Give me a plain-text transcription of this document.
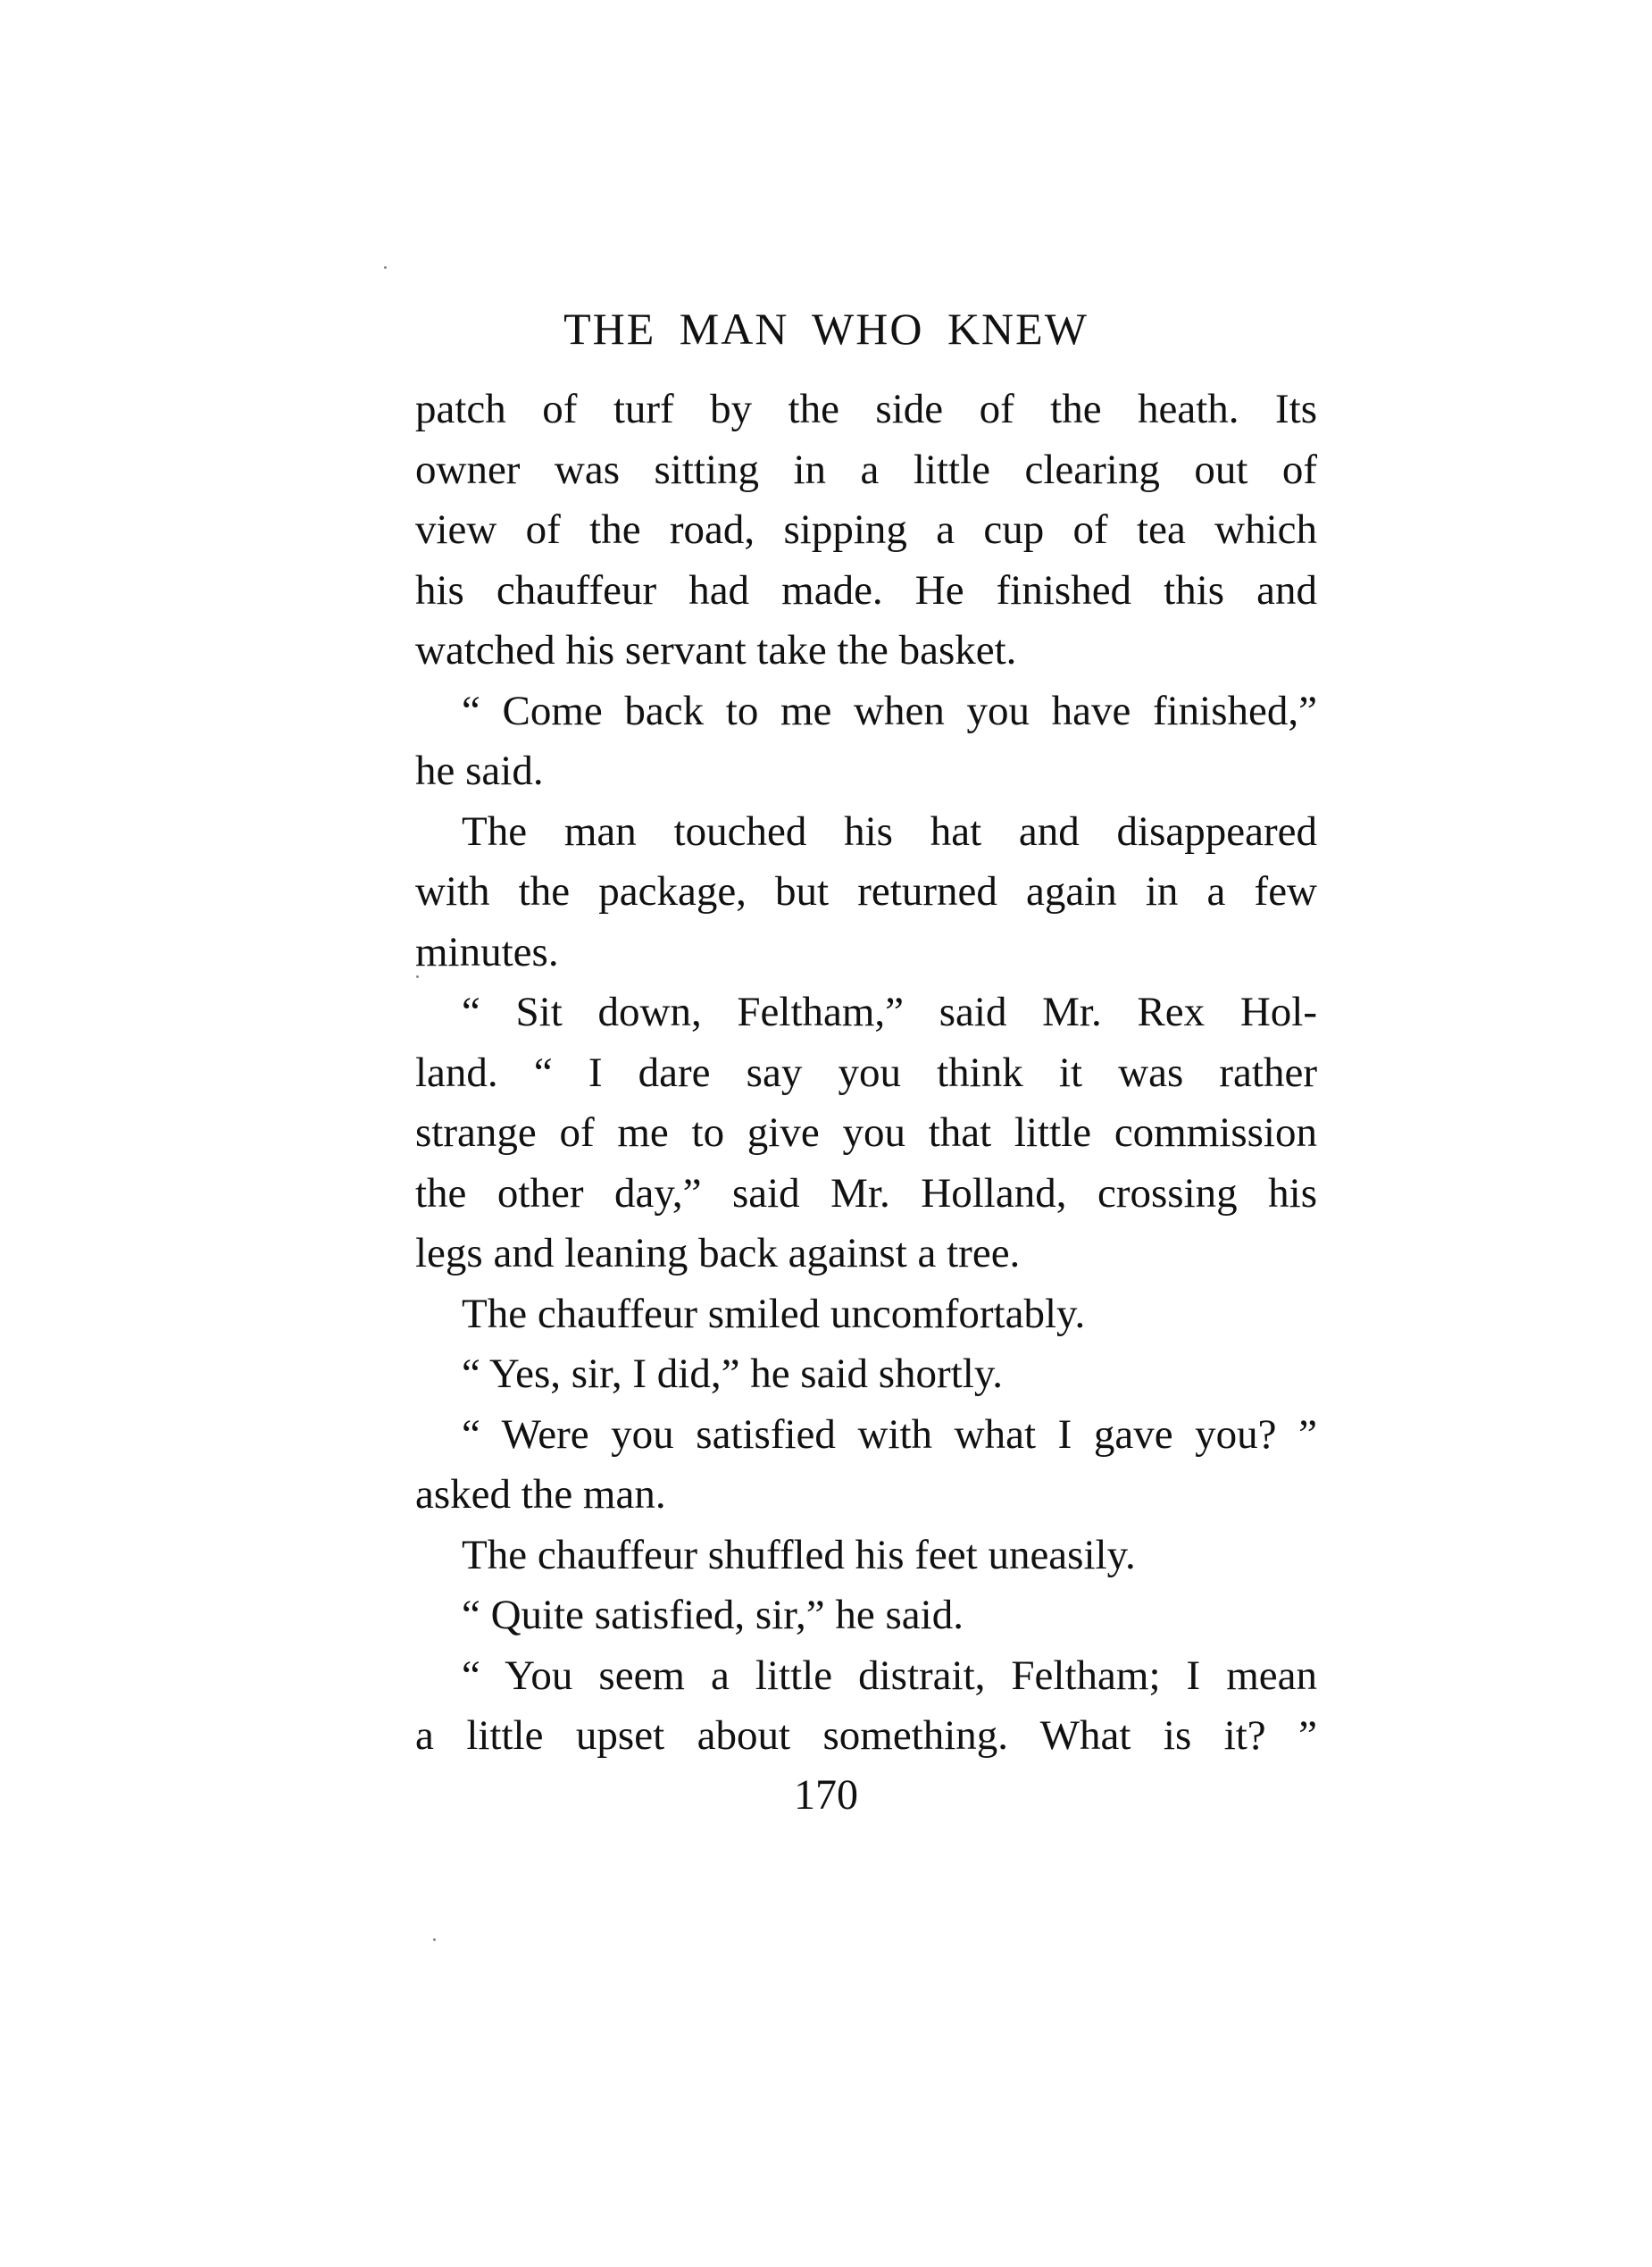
THE MAN WHO KNEW
patch of turf by the side of the heath. Its
owner was sitting in a little clearing out of
view of the road, sipping a cup of tea which
his chauffeur had made. He finished this and
watched his servant take the basket.
“ Come back to me when you have finished,”
he said.
The man touched his hat and disappeared
with the package, but returned again in a few
minutes.
“ Sit down, Feltham,” said Mr. Rex Hol-
land. “ I dare say you think it was rather
strange of me to give you that little commission
the other day,” said Mr. Holland, crossing his
legs and leaning back against a tree.
The chauffeur smiled uncomfortably.
“ Yes, sir, I did,” he said shortly.
“ Were you satisfied with what I gave you? ”
asked the man.
The chauffeur shuffled his feet uneasily.
“ Quite satisfied, sir,” he said.
“ You seem a little distrait, Feltham; I mean
a little upset about something. What is it? ”
170
